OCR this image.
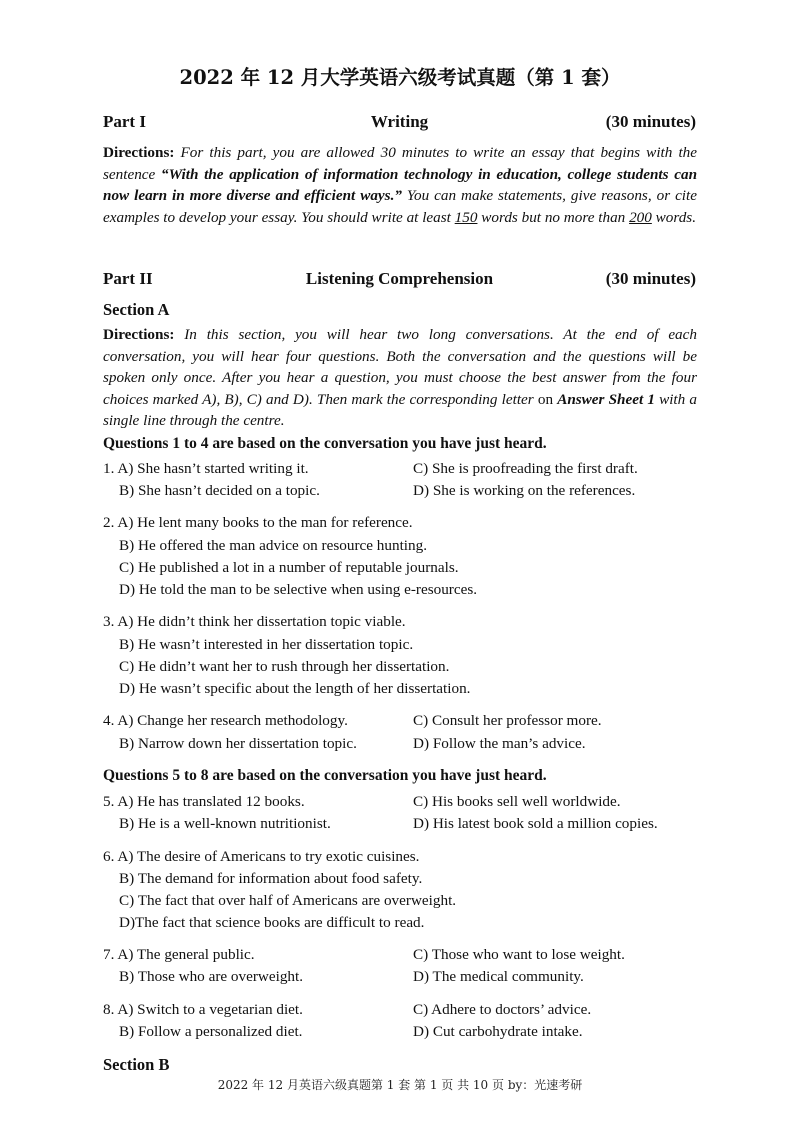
2022 年 12 月大学英语六级考试真题（第 1 套）
Part I	Writing	(30 minutes)
Directions: For this part, you are allowed 30 minutes to write an essay that begins with the sentence “With the application of information technology in education, college students can now learn in more diverse and efficient ways.” You can make statements, give reasons, or cite examples to develop your essay. You should write at least 150 words but no more than 200 words.
Part II	Listening Comprehension	(30 minutes)
Section A
Directions: In this section, you will hear two long conversations. At the end of each conversation, you will hear four questions. Both the conversation and the questions will be spoken only once. After you hear a question, you must choose the best answer from the four choices marked A), B), C) and D). Then mark the corresponding letter on Answer Sheet 1 with a single line through the centre.
Questions 1 to 4 are based on the conversation you have just heard.
1. A) She hasn’t started writing it.	C) She is proofreading the first draft.
B) She hasn’t decided on a topic.	D) She is working on the references.
2. A) He lent many books to the man for reference.
B) He offered the man advice on resource hunting.
C) He published a lot in a number of reputable journals.
D) He told the man to be selective when using e-resources.
3. A) He didn’t think her dissertation topic viable.
B) He wasn’t interested in her dissertation topic.
C) He didn’t want her to rush through her dissertation.
D) He wasn’t specific about the length of her dissertation.
4. A) Change her research methodology.	C) Consult her professor more.
B) Narrow down her dissertation topic.	D) Follow the man’s advice.
Questions 5 to 8 are based on the conversation you have just heard.
5. A) He has translated 12 books.	C) His books sell well worldwide.
B) He is a well-known nutritionist.	D) His latest book sold a million copies.
6. A) The desire of Americans to try exotic cuisines.
B) The demand for information about food safety.
C) The fact that over half of Americans are overweight.
D)The fact that science books are difficult to read.
7. A) The general public.	C) Those who want to lose weight.
B) Those who are overweight.	D) The medical community.
8. A) Switch to a vegetarian diet.	C) Adhere to doctors’ advice.
B) Follow a personalized diet.	D) Cut carbohydrate intake.
Section B
2022 年 12 月英语六级真题第 1 套 第 1 页 共 10 页 by：光速考研
